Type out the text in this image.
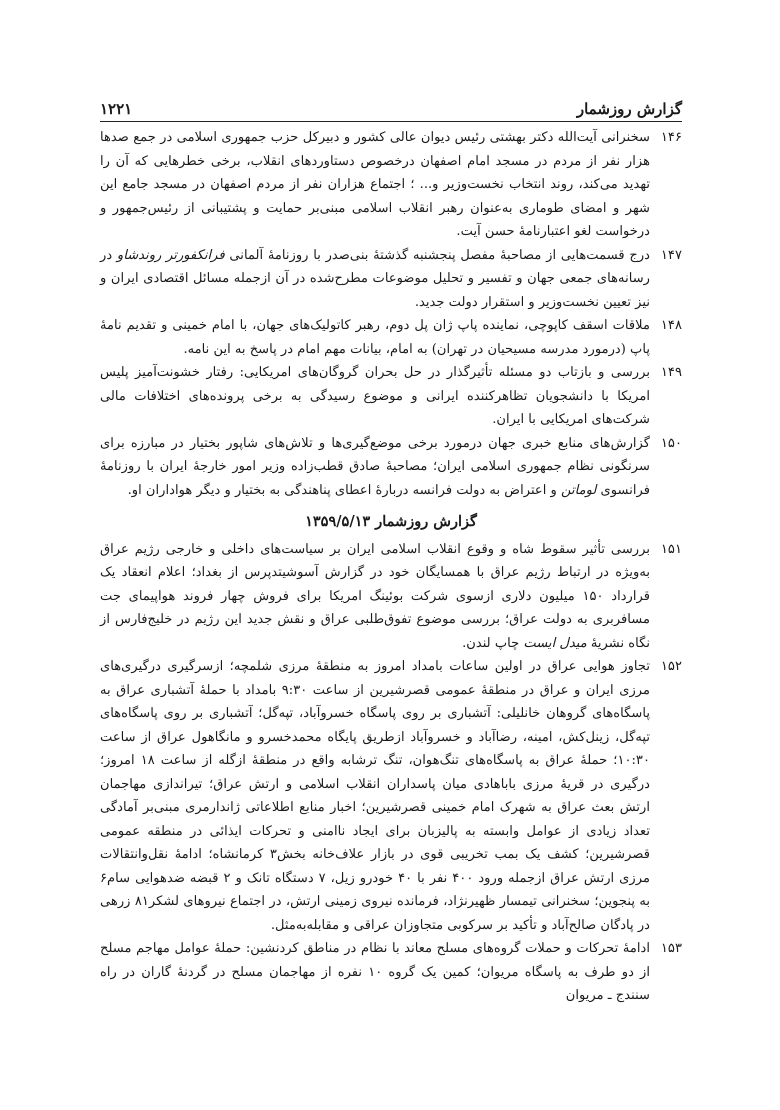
گزارش روزشمار
۱۲۲۱
۱۴۶
سخنرانی آیت‌الله دکتر بهشتی رئیس دیوان عالی کشور و دبیرکل حزب جمهوری اسلامی در جمع صدها هزار نفر از مردم در مسجد امام اصفهان درخصوص دستاوردهای انقلاب، برخی خطرهایی که آن را تهدید می‌کند، روند انتخاب نخست‌وزیر و... ؛ اجتماع هزاران نفر از مردم اصفهان در مسجد جامع این شهر و امضای طوماری به‌عنوان رهبر انقلاب اسلامی مبنی‌بر حمایت و پشتیبانی از رئیس‌جمهور و درخواست لغو اعتبارنامهٔ حسن آیت.
۱۴۷
درج قسمت‌هایی از مصاحبهٔ مفصل پنجشنبه گذشتهٔ بنی‌صدر با روزنامهٔ آلمانی فرانکفورتر روندشاو در رسانه‌های جمعی جهان و تفسیر و تحلیل موضوعات مطرح‌شده در آن ازجمله مسائل اقتصادی ایران و نیز تعیین نخست‌وزیر و استقرار دولت جدید.
۱۴۸
ملاقات اسقف کاپوچی، نماینده پاپ ژان پل دوم، رهبر کاتولیک‌های جهان، با امام خمینی و تقدیم نامهٔ پاپ (درمورد مدرسه مسیحیان در تهران) به امام، بیانات مهم امام در پاسخ به این نامه.
۱۴۹
بررسی و بازتاب دو مسئله تأثیرگذار در حل بحران گروگان‌های امریکایی: رفتار خشونت‌آمیز پلیس امریکا با دانشجویان تظاهرکننده ایرانی و موضوع رسیدگی به برخی پرونده‌های اختلافات مالی شرکت‌های امریکایی با ایران.
۱۵۰
گزارش‌های منابع خبری جهان درمورد برخی موضع‌گیری‌ها و تلاش‌های شاپور بختیار در مبارزه برای سرنگونی نظام جمهوری اسلامی ایران؛ مصاحبهٔ صادق قطب‌زاده وزیر امور خارجهٔ ایران با روزنامهٔ فرانسوی لوماتن و اعتراض به دولت فرانسه دربارهٔ اعطای پناهندگی به بختیار و دیگر هواداران او.
گزارش روزشمار ۱۳۵۹/۵/۱۳
۱۵۱
بررسی تأثیر سقوط شاه و وقوع انقلاب اسلامی ایران بر سیاست‌های داخلی و خارجی رژیم عراق به‌ویژه در ارتباط رژیم عراق با همسایگان خود در گزارش آسوشیتدپرس از بغداد؛ اعلام انعقاد یک قرارداد ۱۵۰ میلیون دلاری ازسوی شرکت بوئینگ امریکا برای فروش چهار فروند هواپیمای جت مسافربری به دولت عراق؛ بررسی موضوع تفوق‌طلبی عراق و نقش جدید این رژیم در خلیج‌فارس از نگاه نشریهٔ میدل ایست چاپ لندن.
۱۵۲
تجاوز هوایی عراق در اولین ساعات بامداد امروز به منطقهٔ مرزی شلمچه؛ ازسرگیری درگیری‌های مرزی ایران و عراق در منطقهٔ عمومی قصرشیرین از ساعت ۹:۳۰ بامداد با حملهٔ آتشباری عراق به پاسگاه‌های گروهان خانلیلی: آتشباری بر روی پاسگاه خسروآباد، تپه‌گل؛ آتشباری بر روی پاسگاه‌های تپه‌گل، زینل‌کش، امینه، رضاآباد و خسروآباد ازطریق پایگاه محمدخسرو و مانگاهول عراق از ساعت ۱۰:۳۰؛ حملهٔ عراق به پاسگاه‌های تنگ‌هوان، تنگ ترشابه واقع در منطقهٔ ازگله از ساعت ۱۸ امروز؛ درگیری در قریهٔ مرزی باباهادی میان پاسداران انقلاب اسلامی و ارتش عراق؛ تیراندازی مهاجمان ارتش بعث عراق به شهرک امام خمینی قصرشیرین؛ اخبار منابع اطلاعاتی ژاندارمری مبنی‌بر آمادگی تعداد زیادی از عوامل وابسته به پالیزبان برای ایجاد ناامنی و تحرکات ایذائی در منطقه عمومی قصرشیرین؛ کشف یک بمب تخریبی قوی در بازار علاف‌خانه بخش۳ کرمانشاه؛ ادامهٔ نقل‌وانتقالات مرزی ارتش عراق ازجمله ورود ۴۰۰ نفر با ۴۰ خودرو زیل، ۷ دستگاه تانک و ۲ قبضه ضدهوایی سام۶ به پنجوین؛ سخنرانی تیمسار ظهیرنژاد، فرمانده نیروی زمینی ارتش، در اجتماع نیروهای لشکر۸۱ زرهی در پادگان صالح‌آباد و تأکید بر سرکوبی متجاوزان عراقی و مقابله‌به‌مثل.
۱۵۳
ادامهٔ تحرکات و حملات گروه‌های مسلح معاند با نظام در مناطق کردنشین: حملهٔ عوامل مهاجم مسلح از دو طرف به پاسگاه مریوان؛ کمین یک گروه ۱۰ نفره از مهاجمان مسلح در گردنهٔ گاران در راه سنندج ـ مریوان
